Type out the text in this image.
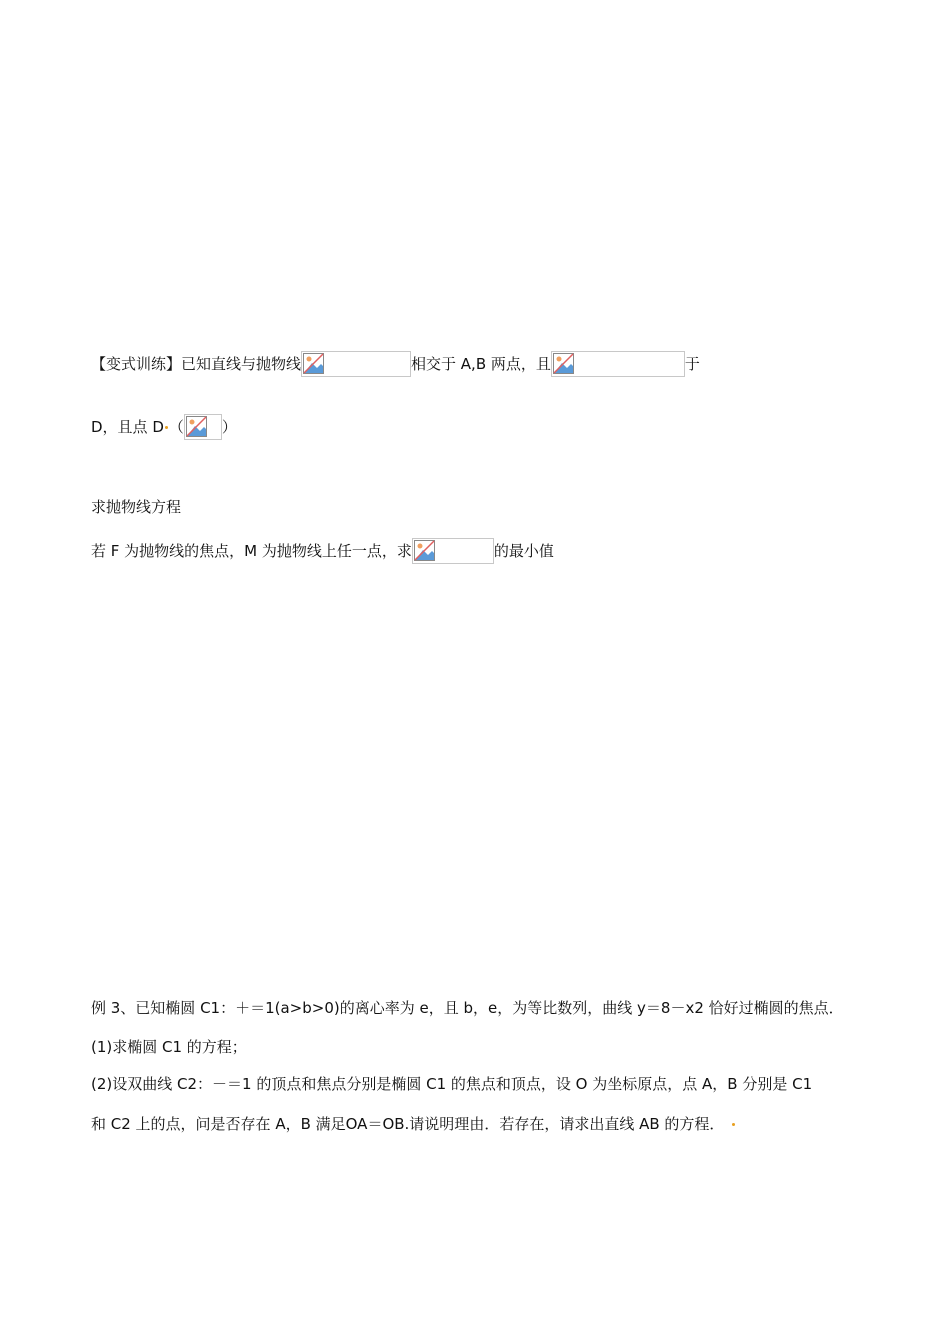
【变式训练】已知直线与抛物线	相交于 A,B 两点，且	于
D，且点 D （	）
求抛物线方程
若 F 为抛物线的焦点， M 为抛物线上任一点，求	的最小值
例 3、已知椭圆 C1：＋＝1(a>b>0)的离心率为 e，且 b，e，为等比数列，曲线 y＝8－x2 恰好过椭圆的焦点．
(1)求椭圆 C1 的方程；
(2)设双曲线 C2：－＝1 的顶点和焦点分别是椭圆 C1 的焦点和顶点，设 O 为坐标原点，点 A，B 分别是 C1
和 C2 上的点，问是否存在 A，B 满足OA＝OB.请说明理由．若存在，请求出直线 AB 的方程．
